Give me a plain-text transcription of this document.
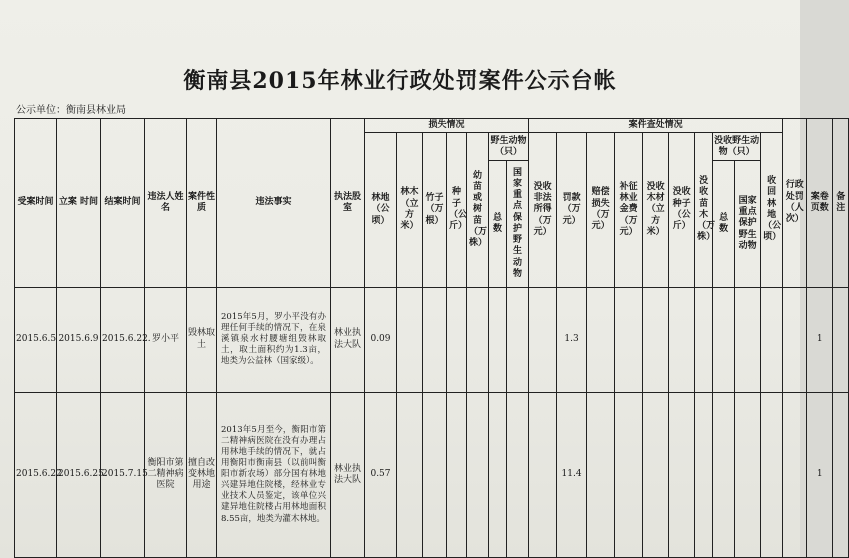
衡南县2015年林业行政处罚案件公示台帐
公示单位：衡南县林业局
受案时间	立案 时间	结案时间	违法人姓名	案件性质	违法事实	执法股室	损失情况							案件查处情况										行政处罚（人次）	案卷页数	备注	
							林地（公顷）	林木（立方米）	竹子（万根）	种子（公斤）	幼苗或树苗（万株）	野生动物（只）		没收非法所得（万元）	罚款（万元）	赔偿损失（万元）	补征林业金费（万元）	没收木材（立方米）	没收种子（公斤）	没收苗木（万株）	没收野生动物（只）		收回林地（公顷）	
												总数	国家重点保护野生动物								总数	国家重点保护野生动物					
2015.6.5	2015.6.9	2015.6.22.	罗小平	毁林取土	2015年5月，罗小平没有办理任何手续的情况下，在泉溪镇泉水村腰塘组毁林取土，取土面积约为1.3亩，地类为公益林（国家级）。	林业执法大队	0.09								1.3										1		
2015.6.22	2015.6.25.	2015.7.15	衡阳市第二精神病医院	擅自改变林地用途	2013年5月至今，衡阳市第二精神病医院在没有办理占用林地手续的情况下，就占用衡阳市衡南县（以前叫衡阳市新农场）部分国有林地兴建异地住院楼，经林业专业技术人员鉴定，该单位兴建异地住院楼占用林地面积8.55亩，地类为灌木林地。	林业执法大队	0.57								11.4										1		
